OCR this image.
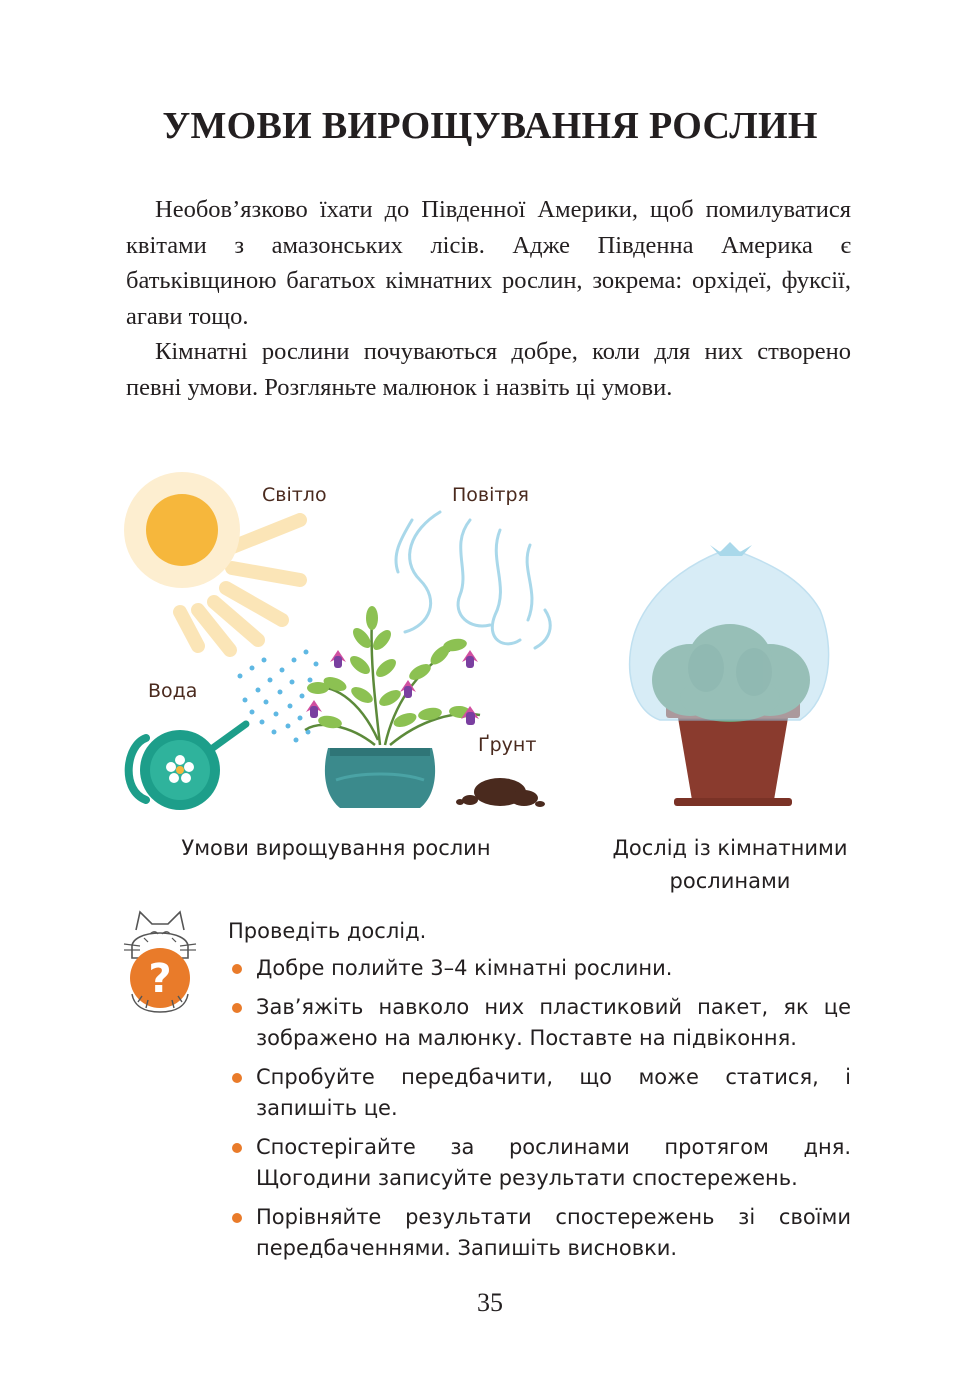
УМОВИ ВИРОЩУВАННЯ РОСЛИН

Необов’язково їхати до Південної Америки, щоб помилуватися квітами з амазонських лісів. Адже Південна Америка є батьківщиною багатьох кімнатних рослин, зокрема: орхідеї, фуксії, агави тощо.

Кімнатні рослини почуваються добре, коли для них створено певні умови. Розгляньте малюнок і назвіть ці умови.

Світло	Повітря
Вода
Ґрунт
Умови вирощування рослин	Дослід із кімнатними
рослинами
?

Проведіть дослід.

Добре полийте 3–4 кімнатні рослини.
Зав’яжіть навколо них пластиковий пакет, як це зображено на малюнку. Поставте на підвіконня.
Спробуйте передбачити, що може статися, і запишіть це.
Спостерігайте за рослинами протягом дня. Щогодини записуйте результати спостережень.
Порівняйте результати спостережень зі своїми передбаченнями. Запишіть висновки.
35
